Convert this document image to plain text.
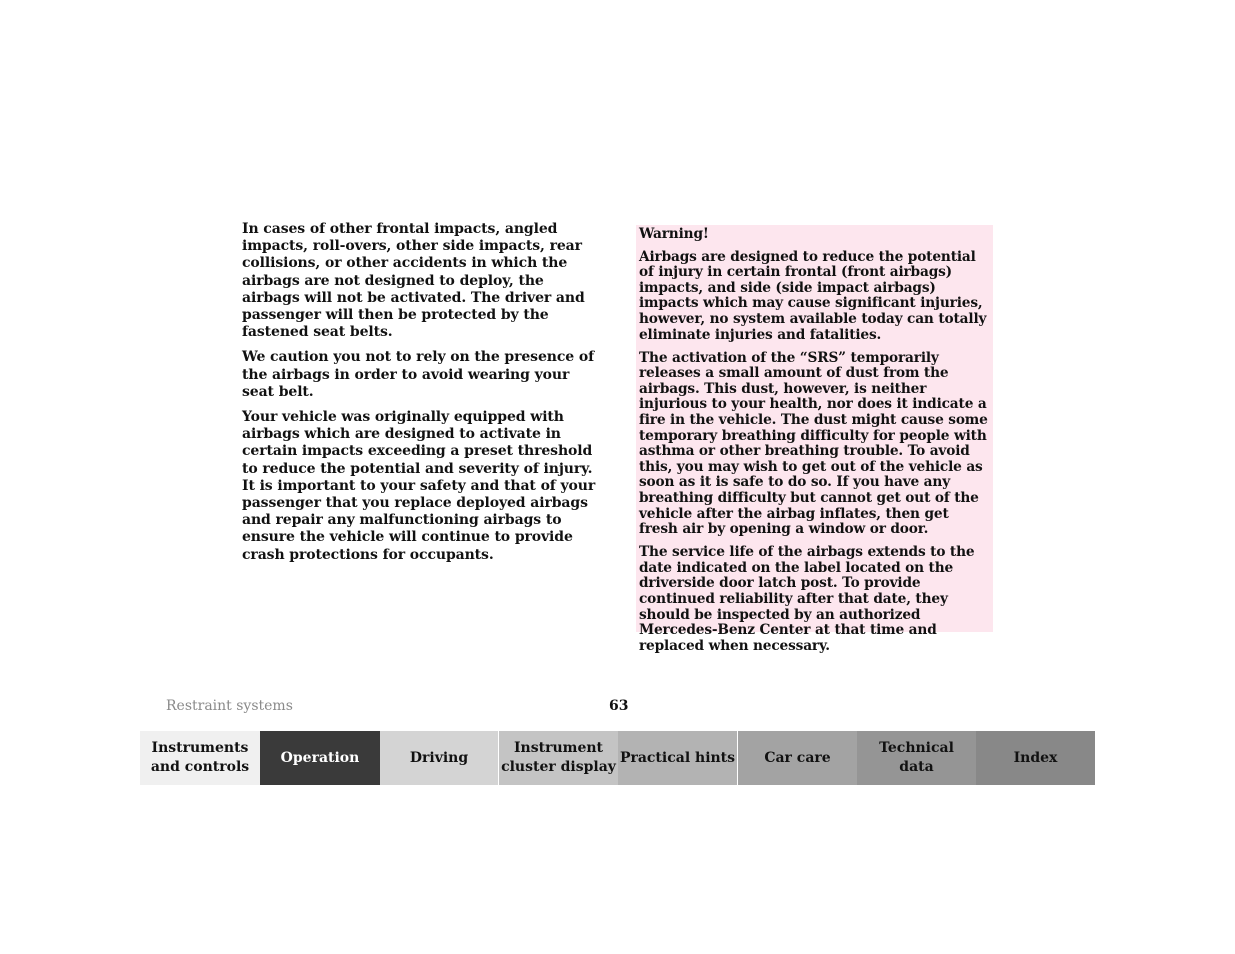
In cases of other frontal impacts, angled impacts, roll-overs, other side impacts, rear collisions, or other accidents in which the airbags are not designed to deploy, the airbags will not be activated. The driver and passenger will then be protected by the fastened seat belts.

We caution you not to rely on the presence of the airbags in order to avoid wearing your seat belt.

Your vehicle was originally equipped with airbags which are designed to activate in certain impacts exceeding a preset threshold to reduce the potential and severity of injury. It is important to your safety and that of your passenger that you replace deployed airbags and repair any malfunctioning airbags to ensure the vehicle will continue to provide crash protections for occupants.

Warning!

Airbags are designed to reduce the potential of injury in certain frontal (front airbags) impacts, and side (side impact airbags) impacts which may cause significant injuries, however, no system available today can totally eliminate injuries and fatalities.

The activation of the “SRS” temporarily releases a small amount of dust from the airbags. This dust, however, is neither injurious to your health, nor does it indicate a fire in the vehicle. The dust might cause some temporary breathing difficulty for people with asthma or other breathing trouble. To avoid this, you may wish to get out of the vehicle as soon as it is safe to do so. If you have any breathing difficulty but cannot get out of the vehicle after the airbag inflates, then get fresh air by opening a window or door.

The service life of the airbags extends to the date indicated on the label located on the driverside door latch post. To provide continued reliability after that date, they should be inspected by an authorized Mercedes-Benz Center at that time and replaced when necessary.

Restraint systems	63
Instruments
and controls
Operation	Driving
Instrument
cluster display
Practical hints	Car care
Technical
data
Index
